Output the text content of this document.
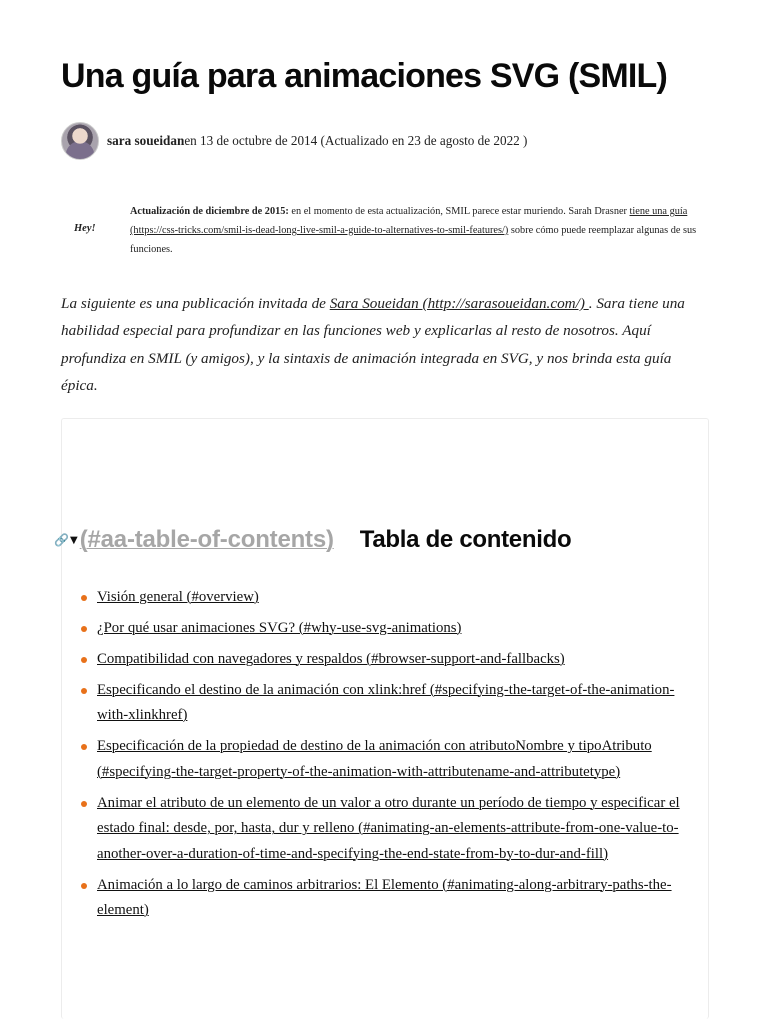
Una guía para animaciones SVG (SMIL)
sara soueidan en 13 de octubre de 2014 (Actualizado en 23 de agosto de 2022 )
Hey!
Actualización de diciembre de 2015: en el momento de esta actualización, SMIL parece estar muriendo. Sarah Drasner tiene una guía (https://css-tricks.com/smil-is-dead-long-live-smil-a-guide-to-alternatives-to-smil-features/) sobre cómo puede reemplazar algunas de sus funciones.

La siguiente es una publicación invitada de Sara Soueidan (http://sarasoueidan.com/) . Sara tiene una habilidad especial para profundizar en las funciones web y explicarlas al resto de nosotros. Aquí profundiza en SMIL (y amigos), y la sintaxis de animación integrada en SVG, y nos brinda esta guía épica.

🔗 ▼ (#aa-table-of-contents) Tabla de contenido
Visión general (#overview)
¿Por qué usar animaciones SVG? (#why-use-svg-animations)
Compatibilidad con navegadores y respaldos (#browser-support-and-fallbacks)
Especificando el destino de la animación con xlink:href (#specifying-the-target-of-the-animation-with-xlinkhref)
Especificación de la propiedad de destino de la animación con atributoNombre y tipoAtributo (#specifying-the-target-property-of-the-animation-with-attributename-and-attributetype)
Animar el atributo de un elemento de un valor a otro durante un período de tiempo y especificar el estado final: desde, por, hasta, dur y relleno (#animating-an-elements-attribute-from-one-value-to-another-over-a-duration-of-time-and-specifying-the-end-state-from-by-to-dur-and-fill)
Animación a lo largo de caminos arbitrarios: El Elemento (#animating-along-arbitrary-paths-the-element)
